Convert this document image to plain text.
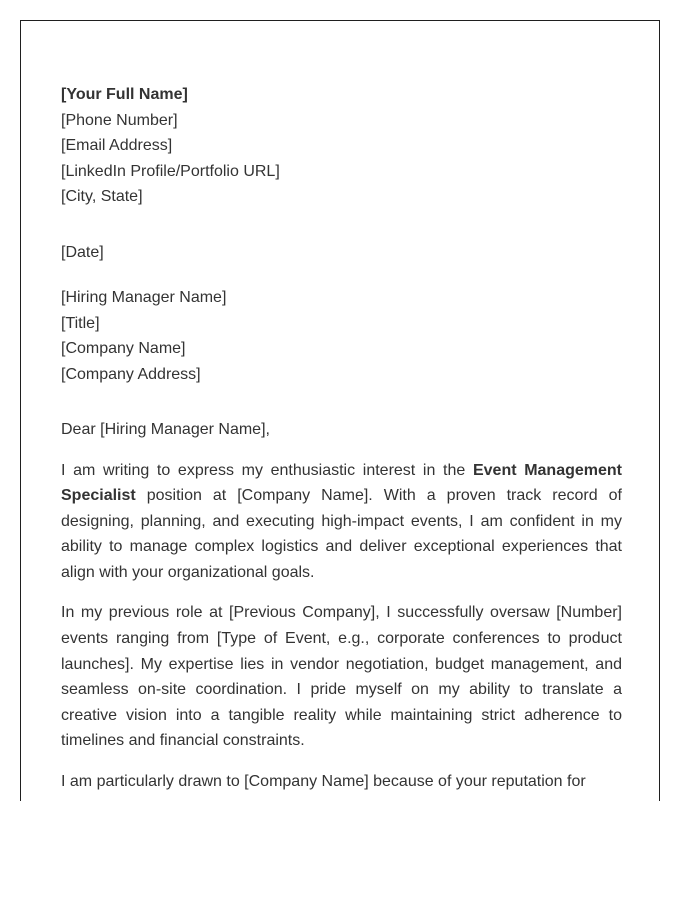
[Your Full Name]
[Phone Number]
[Email Address]
[LinkedIn Profile/Portfolio URL]
[City, State]
[Date]
[Hiring Manager Name]
[Title]
[Company Name]
[Company Address]
Dear [Hiring Manager Name],

I am writing to express my enthusiastic interest in the Event Management Specialist position at [Company Name]. With a proven track record of designing, planning, and executing high-impact events, I am confident in my ability to manage complex logistics and deliver exceptional experiences that align with your organizational goals.

In my previous role at [Previous Company], I successfully oversaw [Number] events ranging from [Type of Event, e.g., corporate conferences to product launches]. My expertise lies in vendor negotiation, budget management, and seamless on-site coordination. I pride myself on my ability to translate a creative vision into a tangible reality while maintaining strict adherence to timelines and financial constraints.

I am particularly drawn to [Company Name] because of your reputation for
